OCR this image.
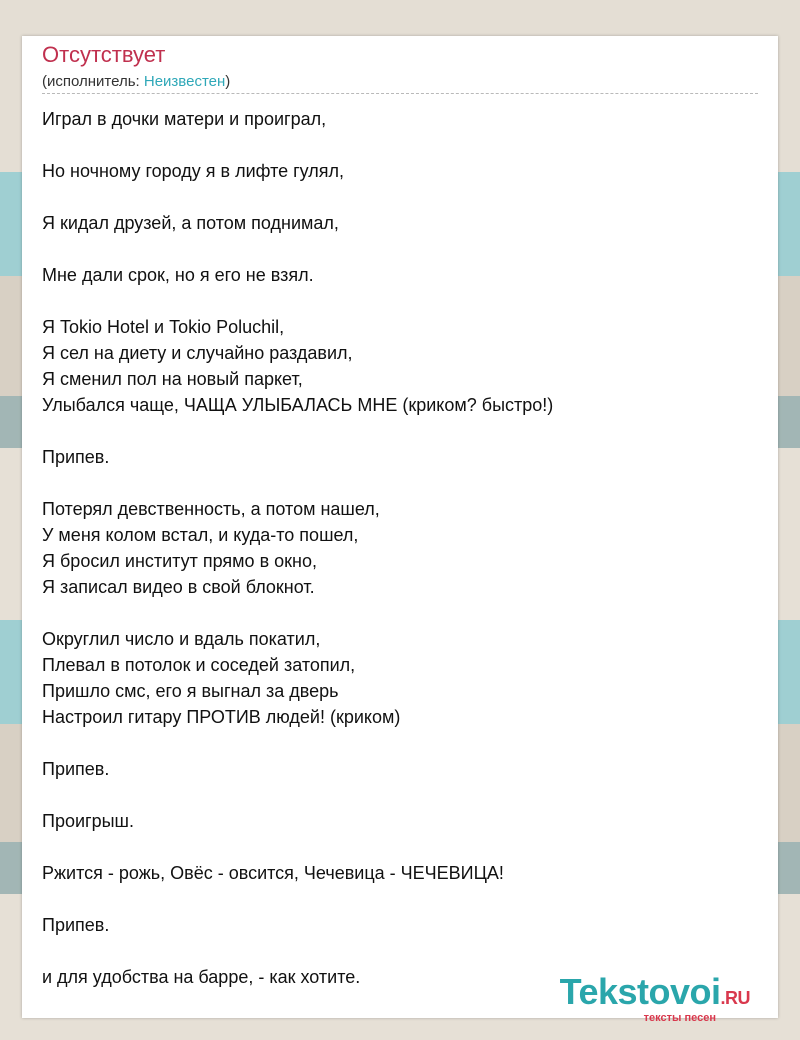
Отсутствует
(исполнитель: Неизвестен)
Играл в дочки матери и проиграл,
Но ночному городу я в лифте гулял,
Я кидал друзей, а потом поднимал,
Мне дали срок, но я его не взял.
Я Tokio Hotel и Tokio Poluchil,
Я сел на диету и случайно раздавил,
Я сменил пол на новый паркет,
Улыбался чаще, ЧАЩА УЛЫБАЛАСЬ МНЕ (криком? быстро!)
Припев.
Потерял девственность, а потом нашел,
У меня колом встал, и куда-то пошел,
Я бросил институт прямо в окно,
Я записал видео в свой блокнот.
Округлил число и вдаль покатил,
Плевал в потолок и соседей затопил,
Пришло смс, его я выгнал за дверь
Настроил гитару ПРОТИВ людей! (криком)
Припев.
Проигрыш.
Ржится - рожь, Овёс - овсится, Чечевица - ЧЕЧЕВИЦА!
Припев.
и для удобства на барре, - как хотите.	Tekstovoi.RU
тексты песен
